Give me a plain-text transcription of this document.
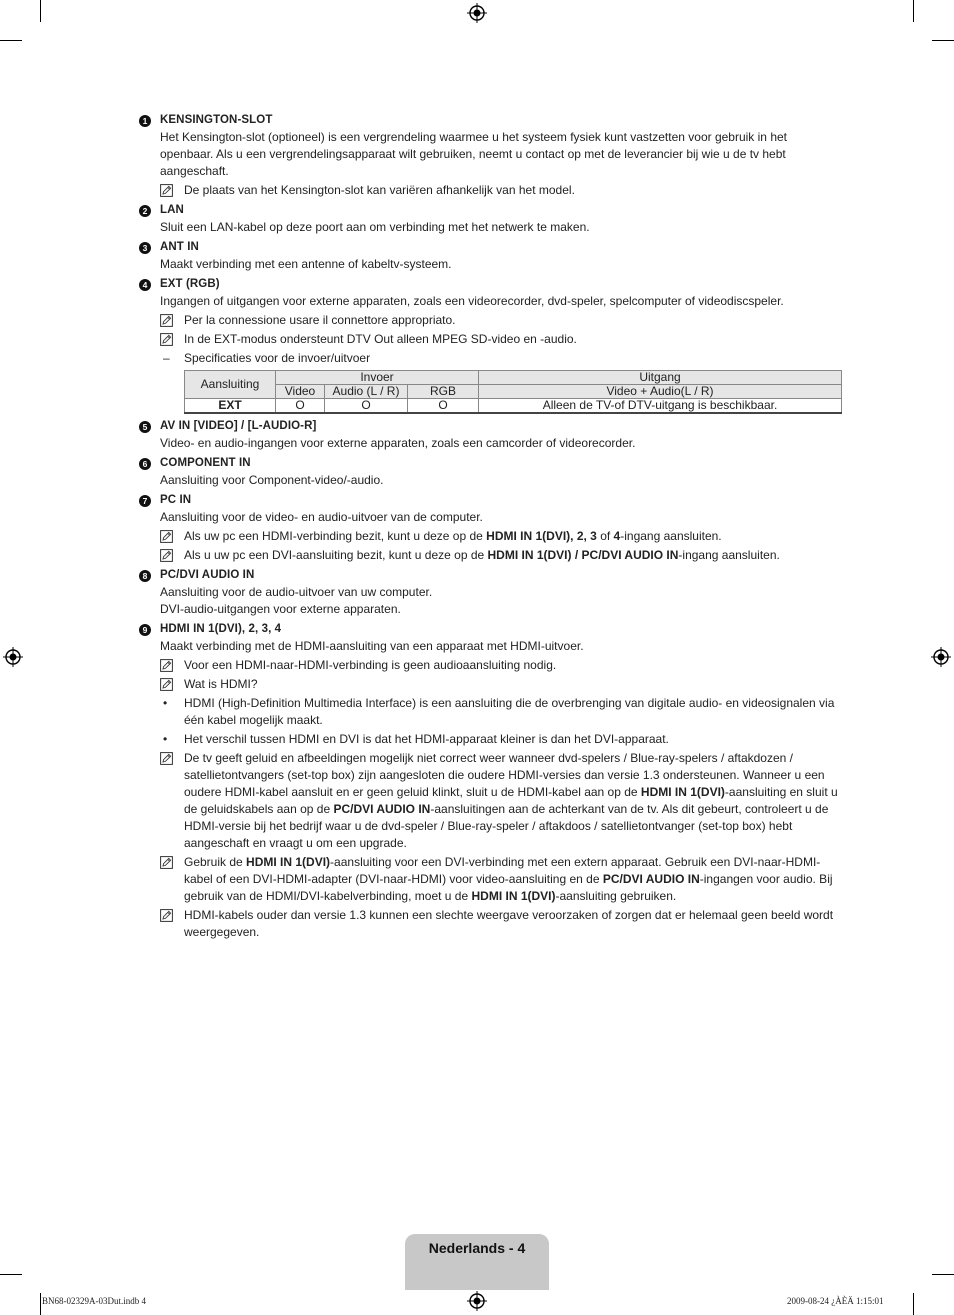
1	KENSINGTON-SLOT
Het Kensington-slot (optioneel) is een vergrendeling waarmee u het systeem fysiek kunt vastzetten voor gebruik in het openbaar. Als u een vergrendelingsapparaat wilt gebruiken, neemt u contact op met de leverancier bij wie u de tv hebt aangeschaft.
De plaats van het Kensington-slot kan variëren afhankelijk van het model.
2	LAN
Sluit een LAN-kabel op deze poort aan om verbinding met het netwerk te maken.
3	ANT IN
Maakt verbinding met een antenne of kabeltv-systeem.
4	EXT (RGB)
Ingangen of uitgangen voor externe apparaten, zoals een videorecorder, dvd-speler, spelcomputer of videodiscspeler.
Per la connessione usare il connettore appropriato.
In de EXT-modus ondersteunt DTV Out alleen MPEG SD-video en -audio.
– Specificaties voor de invoer/uitvoer
Aansluiting	Invoer			Uitgang
	Video	Audio (L / R)	RGB	Video + Audio(L / R)
EXT	O	O	O	Alleen de TV-of DTV-uitgang is beschikbaar.
5	AV IN [VIDEO] / [L-AUDIO-R]
Video- en audio-ingangen voor externe apparaten, zoals een camcorder of videorecorder.
6	COMPONENT IN
Aansluiting voor Component-video/-audio.
7	PC IN
Aansluiting voor de video- en audio-uitvoer van de computer.
Als uw pc een HDMI-verbinding bezit, kunt u deze op de HDMI IN 1(DVI), 2, 3 of 4-ingang aansluiten.
Als u uw pc een DVI-aansluiting bezit, kunt u deze op de HDMI IN 1(DVI) / PC/DVI AUDIO IN-ingang aansluiten.
8	PC/DVI AUDIO IN
Aansluiting voor de audio-uitvoer van uw computer.
DVI-audio-uitgangen voor externe apparaten.
9	HDMI IN 1(DVI), 2, 3, 4
Maakt verbinding met de HDMI-aansluiting van een apparaat met HDMI-uitvoer.
Voor een HDMI-naar-HDMI-verbinding is geen audioaansluiting nodig.
Wat is HDMI?
• HDMI (High-Definition Multimedia Interface) is een aansluiting die de overbrenging van digitale audio- en videosignalen via één kabel mogelijk maakt.
• Het verschil tussen HDMI en DVI is dat het HDMI-apparaat kleiner is dan het DVI-apparaat.
De tv geeft geluid en afbeeldingen mogelijk niet correct weer wanneer dvd-spelers / Blue-ray-spelers / aftakdozen / satellietontvangers (set-top box) zijn aangesloten die oudere HDMI-versies dan versie 1.3 ondersteunen. Wanneer u een oudere HDMI-kabel aansluit en er geen geluid klinkt, sluit u de HDMI-kabel aan op de HDMI IN 1(DVI)-aansluiting en sluit u de geluidskabels aan op de PC/DVI AUDIO IN-aansluitingen aan de achterkant van de tv. Als dit gebeurt, controleert u de HDMI-versie bij het bedrijf waar u de dvd-speler / Blue-ray-speler / aftakdoos / satellietontvanger (set-top box) hebt aangeschaft en vraagt u om een upgrade.
Gebruik de HDMI IN 1(DVI)-aansluiting voor een DVI-verbinding met een extern apparaat. Gebruik een DVI-naar-HDMI-kabel of een DVI-HDMI-adapter (DVI-naar-HDMI) voor video-aansluiting en de PC/DVI AUDIO IN-ingangen voor audio. Bij gebruik van de HDMI/DVI-kabelverbinding, moet u de HDMI IN 1(DVI)-aansluiting gebruiken.
HDMI-kabels ouder dan versie 1.3 kunnen een slechte weergave veroorzaken of zorgen dat er helemaal geen beeld wordt weergegeven.
Nederlands - 4
BN68-02329A-03Dut.indb 4	2009-08-24 ¿ÀÈÄ 1:15:01
